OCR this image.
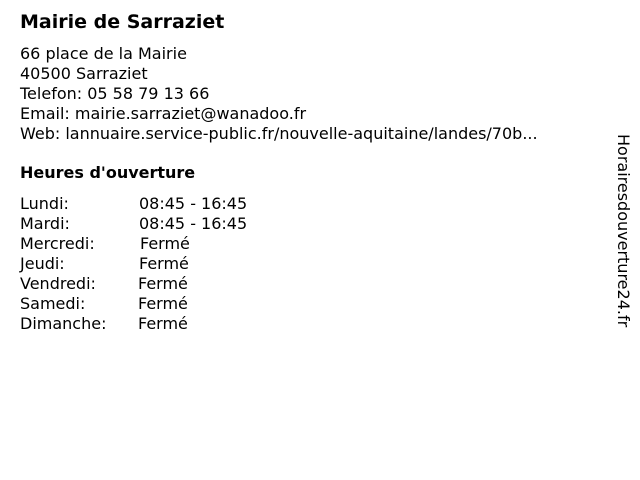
Mairie de Sarraziet
66 place de la Mairie
40500 Sarraziet
Telefon: 05 58 79 13 66
Email: mairie.sarraziet@wanadoo.fr
Web: lannuaire.service-public.fr/nouvelle-aquitaine/landes/70b...
Heures d'ouverture
Lundi:	08:45 - 16:45
Mardi:	08:45 - 16:45
Mercredi:	Fermé
Jeudi:	Fermé
Vendredi:	Fermé
Samedi:	Fermé
Dimanche: Fermé	Horairesdouverture24.fr
